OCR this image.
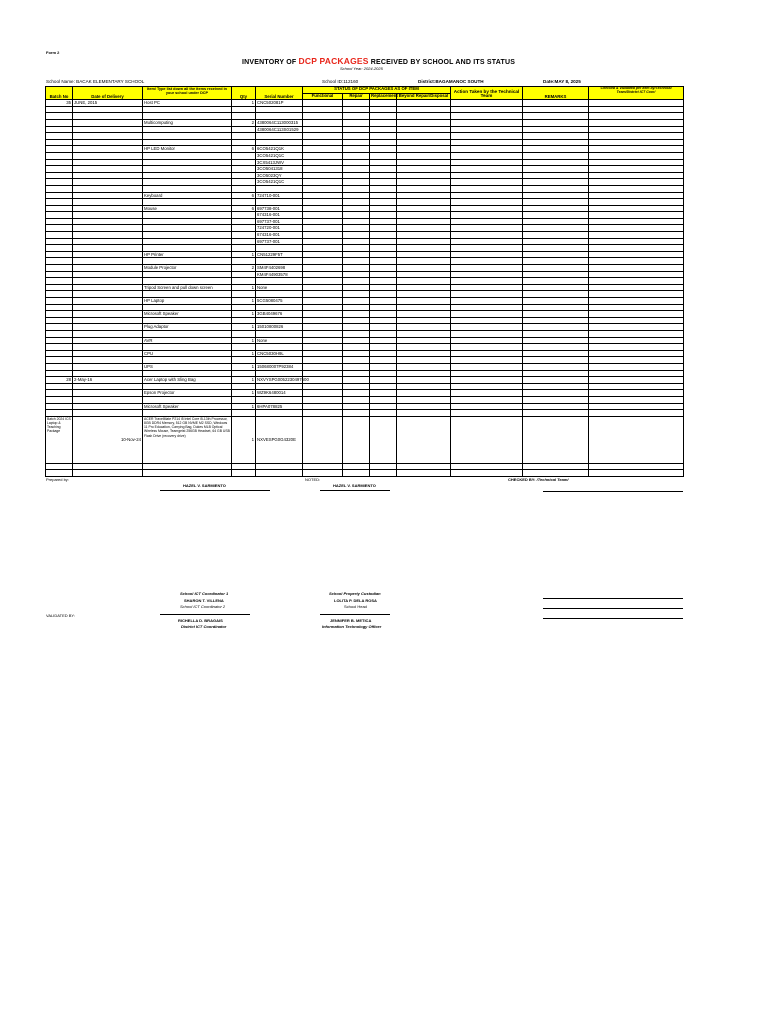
Form 2
INVENTORY OF DCP PACKAGES RECEIVED BY SCHOOL AND ITS STATUS
School Year: 2024-2025
School Name: BACAK ELEMENTARY SCHOOL	School ID:112160	District:BAGAMANOC SOUTH	Date:MAY 8, 2025
Batch No	Date of Delivery	Item/ Type list down all the items received in your school under DCP	Qty	Serial Number	STATUS OF DCP PACKAGES AS OF ITEM				Action Taken by the Technical Team	REMARKS	Checked & Validated per Item by/Technical Team/District ICT Coor/
					Functional	Repair	Replacement	Beyond Repair/Disposal			
35	JUNE, 2015	Host PC	1	CNC502081P							

		Multicomputing	2	4380064C113000315							
				4380064C113S01529							

		HP LED Monitor	6	6CO5421Q1K							
				3CO5421Q1C							
				3CX5413JWV							
				3CO5041318							
				3CO5023QY							
				3CO5421Q1C							

		Keyboard	6	724710-001							

		Mouse	6	697738-001							
				674316-001							
				697737-001							
				724720-001							
				674316-001							
				697737-001							

		HP Printer	1	CN51229F5T							

		Module Projector	2	SM4F4402698							
				KM4F44903578							

		Tripod Screen and pull down screen	1	None							

		HP Laptop	1	5CG5080475							

		Microsoft Speaker	1	3GB4049676							

		Plug Adaptor	1	15010800826							

		AVR	1	None							

		CPU	1	CNC5030H9L							

		UPS	1	150680007P92384							

28	2-May-16	Acer Laptop with Sling Bag	1	NXVYSPG0052230497600							

		Epson Projector	1	WZ9K6480014							

		Microsoft Speaker	1	6HPA078825							

Batch 2024 ICS Laptop & Teaching Package	10-Nov-24	ACER TravelMate P214 i5 Intel Core i5-13th Processor, 8GB DDR4 Memory, 512 GB NVME M2 SSD, Windows 11 Pro Education, Carrying Bag, Dukes MLB Optical Wireless Mouse, Teamgeist 256GB Headset, 64 GB USB Flash Drive (recovery drive)	1	NXVESPG0G4320E							

Prepared by:
HAZEL V. SARMIENTO
NOTED:
HAZEL V. SARMIENTO
CHECKED BY: /Technical Team/
School ICT Coordinator 1
SHARON T. VILLENA
School ICT Coordinator 2
School Property Custodian
LOLITA P. DELA ROSA
School Head
VALIDATED BY:
RICHELLA D. BRAGAIS
District ICT Coordinator
JENNIFER B. METICA
Information Technology Officer
